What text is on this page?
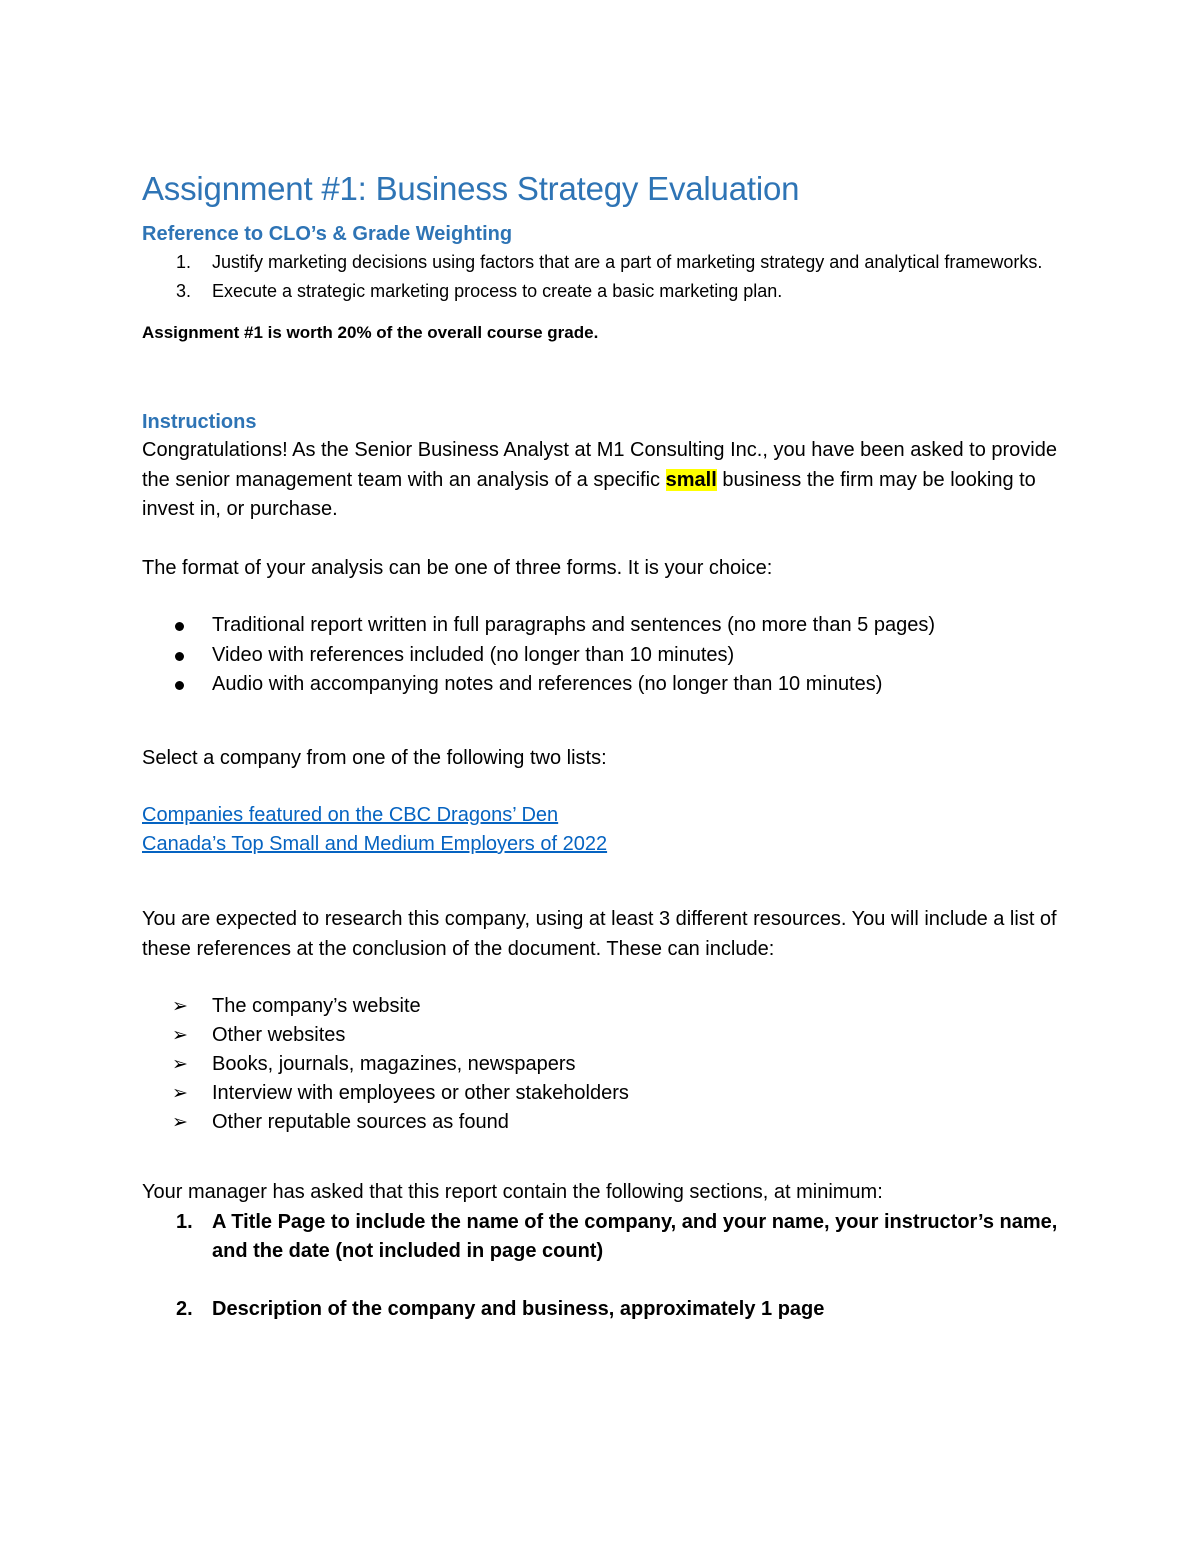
Assignment #1: Business Strategy Evaluation
Reference to CLO’s & Grade Weighting
1. Justify marketing decisions using factors that are a part of marketing strategy and analytical frameworks.
3. Execute a strategic marketing process to create a basic marketing plan.

Assignment #1 is worth 20% of the overall course grade.

Instructions

Congratulations! As the Senior Business Analyst at M1 Consulting Inc., you have been asked to provide the senior management team with an analysis of a specific small business the firm may be looking to invest in, or purchase.

The format of your analysis can be one of three forms. It is your choice:

Traditional report written in full paragraphs and sentences (no more than 5 pages)
Video with references included (no longer than 10 minutes)
Audio with accompanying notes and references (no longer than 10 minutes)

Select a company from one of the following two lists:

Companies featured on the CBC Dragons’ Den
Canada’s Top Small and Medium Employers of 2022

You are expected to research this company, using at least 3 different resources. You will include a list of these references at the conclusion of the document. These can include:

➢ The company’s website
➢ Other websites
➢ Books, journals, magazines, newspapers
➢ Interview with employees or other stakeholders
➢ Other reputable sources as found

Your manager has asked that this report contain the following sections, at minimum:

1. A Title Page to include the name of the company, and your name, your instructor’s name, and the date (not included in page count)
2. Description of the company and business, approximately 1 page
